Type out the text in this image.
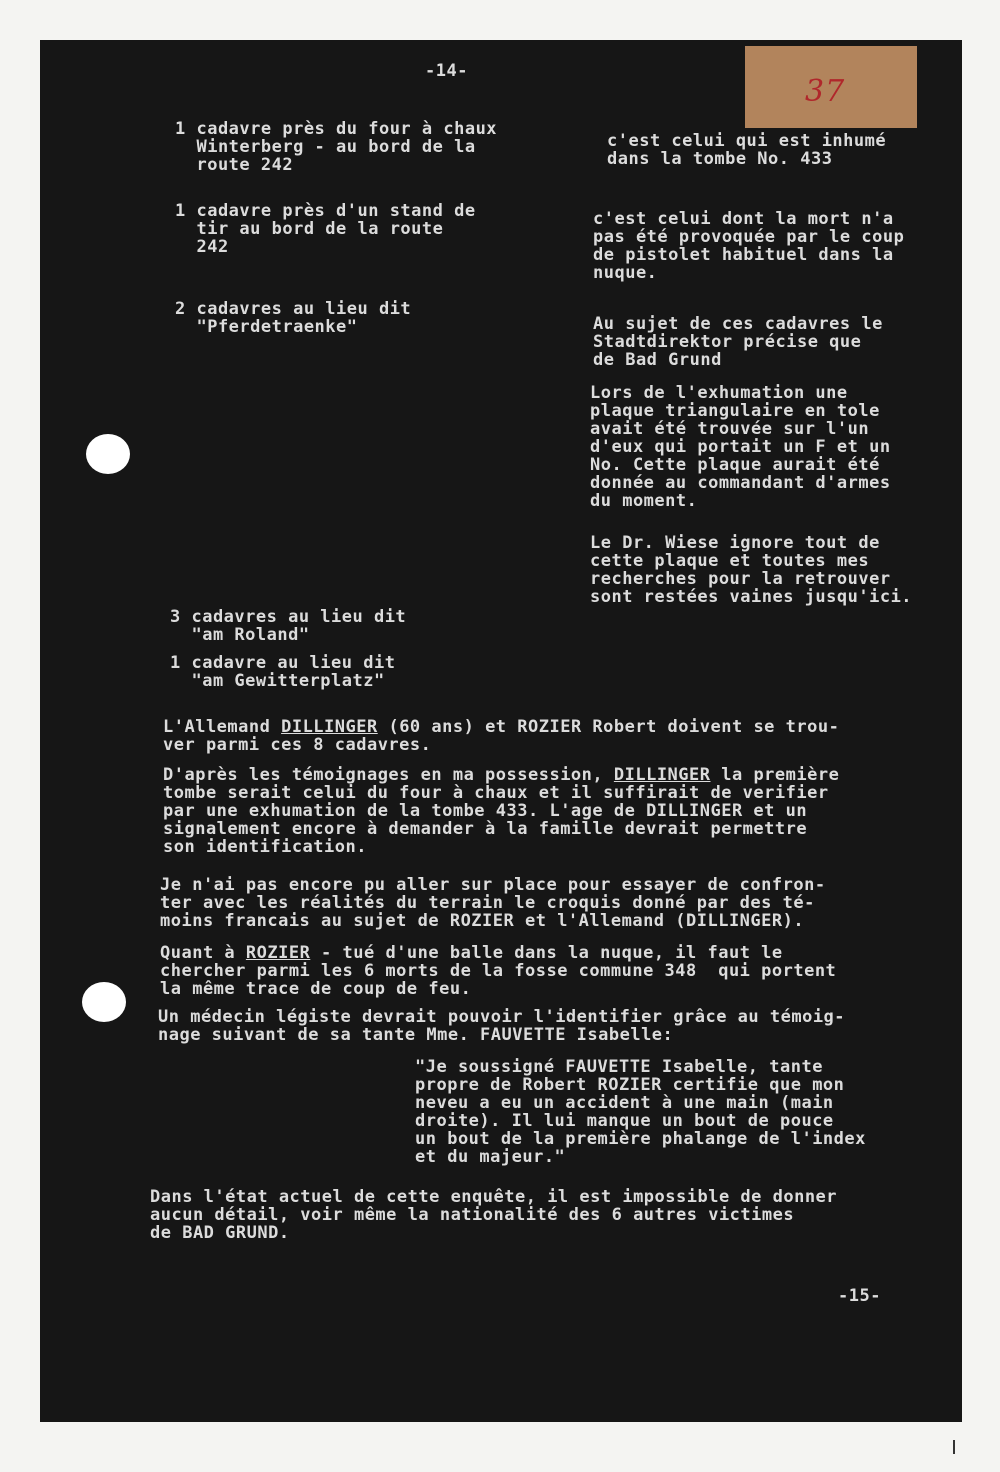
37
-14-
1 cadavre près du four à chaux
Winterberg - au bord de la
route 242
1 cadavre près d'un stand de
tir au bord de la route
242
2 cadavres au lieu dit
"Pferdetraenke"
3 cadavres au lieu dit
"am Roland"
1 cadavre au lieu dit
"am Gewitterplatz"
c'est celui qui est inhumé
dans la tombe No. 433
c'est celui dont la mort n'a
pas été provoquée par le coup
de pistolet habituel dans la
nuque.
Au sujet de ces cadavres le
Stadtdirektor précise que
de Bad Grund
Lors de l'exhumation une
plaque triangulaire en tole
avait été trouvée sur l'un
d'eux qui portait un F et un
No. Cette plaque aurait été
donnée au commandant d'armes
du moment.
Le Dr. Wiese ignore tout de
cette plaque et toutes mes
recherches pour la retrouver
sont restées vaines jusqu'ici.
L'Allemand DILLINGER (60 ans) et ROZIER Robert doivent se trou-
ver parmi ces 8 cadavres.
D'après les témoignages en ma possession, DILLINGER la première
tombe serait celui du four à chaux et il suffirait de verifier
par une exhumation de la tombe 433. L'age de DILLINGER et un
signalement encore à demander à la famille devrait permettre
son identification.
Je n'ai pas encore pu aller sur place pour essayer de confron-
ter avec les réalités du terrain le croquis donné par des té-
moins francais au sujet de ROZIER et l'Allemand (DILLINGER).
Quant à ROZIER - tué d'une balle dans la nuque, il faut le
chercher parmi les 6 morts de la fosse commune 348  qui portent
la même trace de coup de feu.
Un médecin légiste devrait pouvoir l'identifier grâce au témoig-
nage suivant de sa tante Mme. FAUVETTE Isabelle:
"Je soussigné FAUVETTE Isabelle, tante
propre de Robert ROZIER certifie que mon
neveu a eu un accident à une main (main
droite). Il lui manque un bout de pouce
un bout de la première phalange de l'index
et du majeur."
Dans l'état actuel de cette enquête, il est impossible de donner
aucun détail, voir même la nationalité des 6 autres victimes
de BAD GRUND.
-15-
